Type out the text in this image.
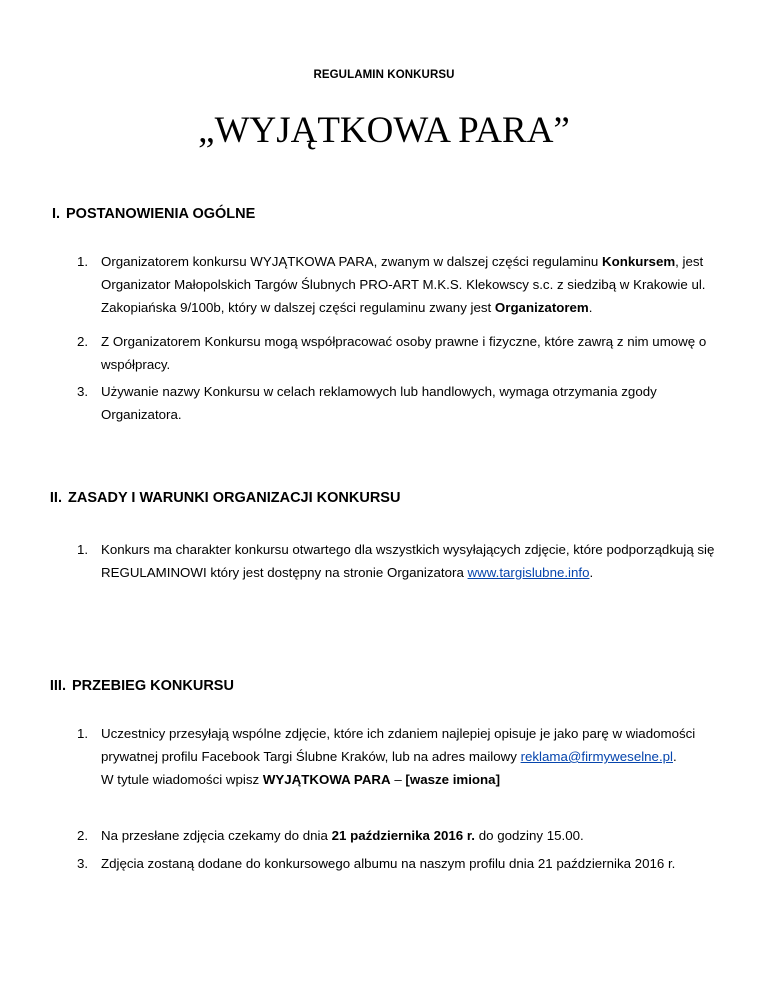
REGULAMIN KONKURSU
„WYJĄTKOWA PARA”
I. POSTANOWIENIA OGÓLNE
1. Organizatorem konkursu WYJĄTKOWA PARA, zwanym w dalszej części regulaminu Konkursem, jest Organizator Małopolskich Targów Ślubnych PRO-ART M.K.S. Klekowscy s.c. z siedzibą w Krakowie ul. Zakopiańska 9/100b, który w dalszej części regulaminu zwany jest Organizatorem.
2. Z Organizatorem Konkursu mogą współpracować osoby prawne i fizyczne, które zawrą z nim umowę o współpracy.
3. Używanie nazwy Konkursu w celach reklamowych lub handlowych, wymaga otrzymania zgody Organizatora.
II. ZASADY I WARUNKI ORGANIZACJI KONKURSU
1. Konkurs ma charakter konkursu otwartego dla wszystkich wysyłających zdjęcie, które podporządkują się REGULAMINOWI który jest dostępny na stronie Organizatora www.targislubne.info.
III. PRZEBIEG KONKURSU
1. Uczestnicy przesyłają wspólne zdjęcie, które ich zdaniem najlepiej opisuje je jako parę w wiadomości prywatnej profilu Facebook Targi Ślubne Kraków, lub na adres mailowy reklama@firmyweselne.pl.
W tytule wiadomości wpisz WYJĄTKOWA PARA – [wasze imiona]
2. Na przesłane zdjęcia czekamy do dnia 21 października 2016 r. do godziny 15.00.
3. Zdjęcia zostaną dodane do konkursowego albumu na naszym profilu dnia 21 października 2016 r.
